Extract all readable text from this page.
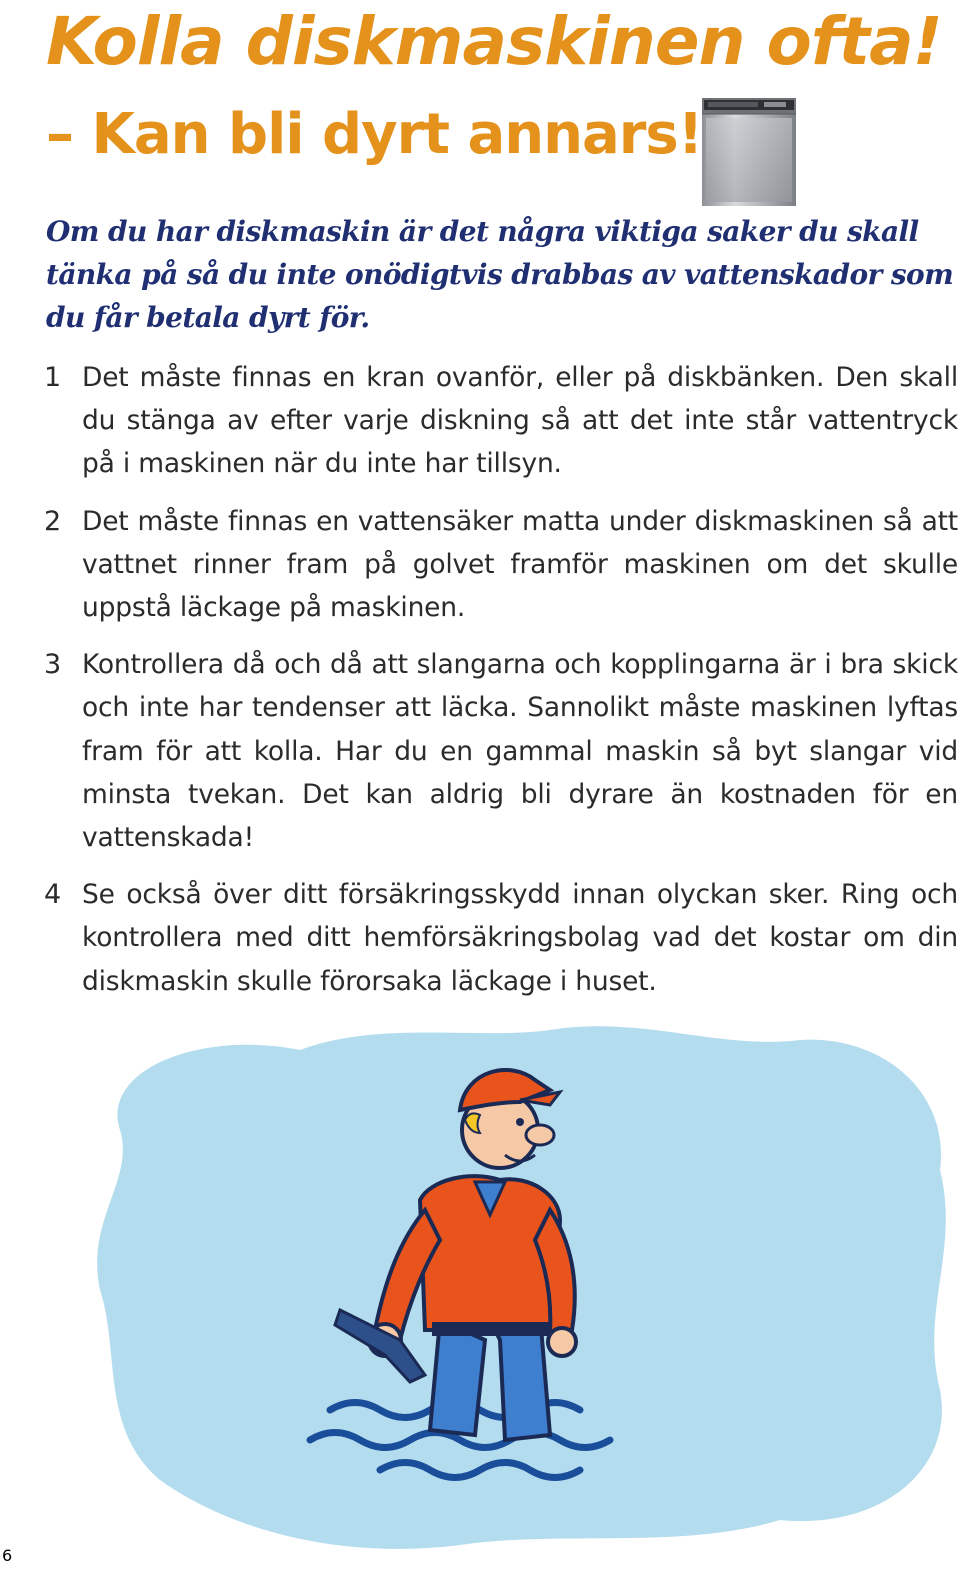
Kolla diskmaskinen ofta!
– Kan bli dyrt annars!

Om du har diskmaskin är det några viktiga saker du skall tänka på så du inte onödigtvis drabbas av vattenskador som du får betala dyrt för.

1 Det måste finnas en kran ovanför, eller på diskbänken. Den skall du stänga av efter varje diskning så att det inte står vattentryck på i maskinen när du inte har tillsyn.
2 Det måste finnas en vattensäker matta under diskmaskinen så att vattnet rinner fram på golvet framför maskinen om det skulle uppstå läckage på maskinen.
3 Kontrollera då och då att slangarna och kopplingarna är i bra skick och inte har tendenser att läcka. Sannolikt måste maskinen lyftas fram för att kolla. Har du en gammal maskin så byt slangar vid minsta tvekan. Det kan aldrig bli dyrare än kostnaden för en vattenskada!
4 Se också över ditt försäkringsskydd innan olyckan sker. Ring och kontrollera med ditt hemförsäkringsbolag vad det kostar om din diskmaskin skulle förorsaka läckage i huset.
6
